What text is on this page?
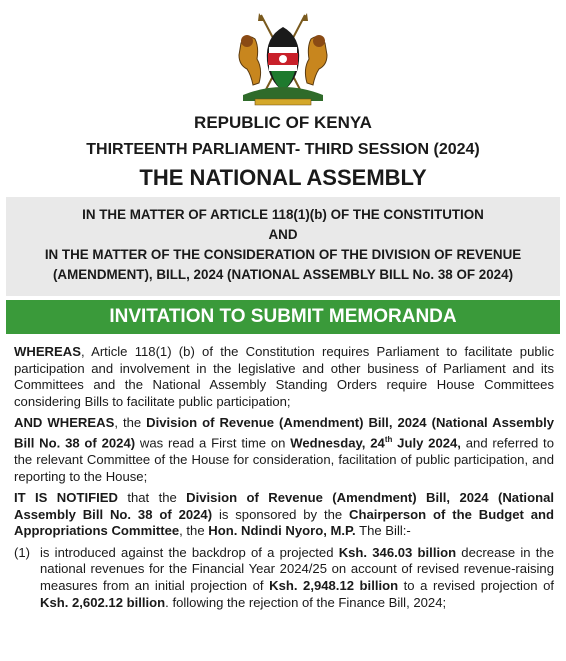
REPUBLIC OF KENYA
THIRTEENTH PARLIAMENT- THIRD SESSION (2024)
THE NATIONAL ASSEMBLY
IN THE MATTER OF ARTICLE 118(1)(b) OF THE CONSTITUTION
AND
IN THE MATTER OF THE CONSIDERATION OF THE DIVISION OF REVENUE
(AMENDMENT), BILL, 2024 (NATIONAL ASSEMBLY BILL No. 38 OF 2024)
INVITATION TO SUBMIT MEMORANDA

WHEREAS, Article 118(1) (b) of the Constitution requires Parliament to facilitate public participation and involvement in the legislative and other business of Parliament and its Committees and the National Assembly Standing Orders require House Committees considering Bills to facilitate public participation;

AND WHEREAS, the Division of Revenue (Amendment) Bill, 2024 (National Assembly Bill No. 38 of 2024) was read a First time on Wednesday, 24th July 2024, and referred to the relevant Committee of the House for consideration, facilitation of public participation, and reporting to the House;

IT IS NOTIFIED that the Division of Revenue (Amendment) Bill, 2024 (National Assembly Bill No. 38 of 2024) is sponsored by the Chairperson of the Budget and Appropriations Committee, the Hon. Ndindi Nyoro, M.P. The Bill:-

(1) is introduced against the backdrop of a projected Ksh. 346.03 billion decrease in the national revenues for the Financial Year 2024/25 on account of revised revenue-raising measures from an initial projection of Ksh. 2,948.12 billion to a revised projection of Ksh. 2,602.12 billion. following the rejection of the Finance Bill, 2024;
